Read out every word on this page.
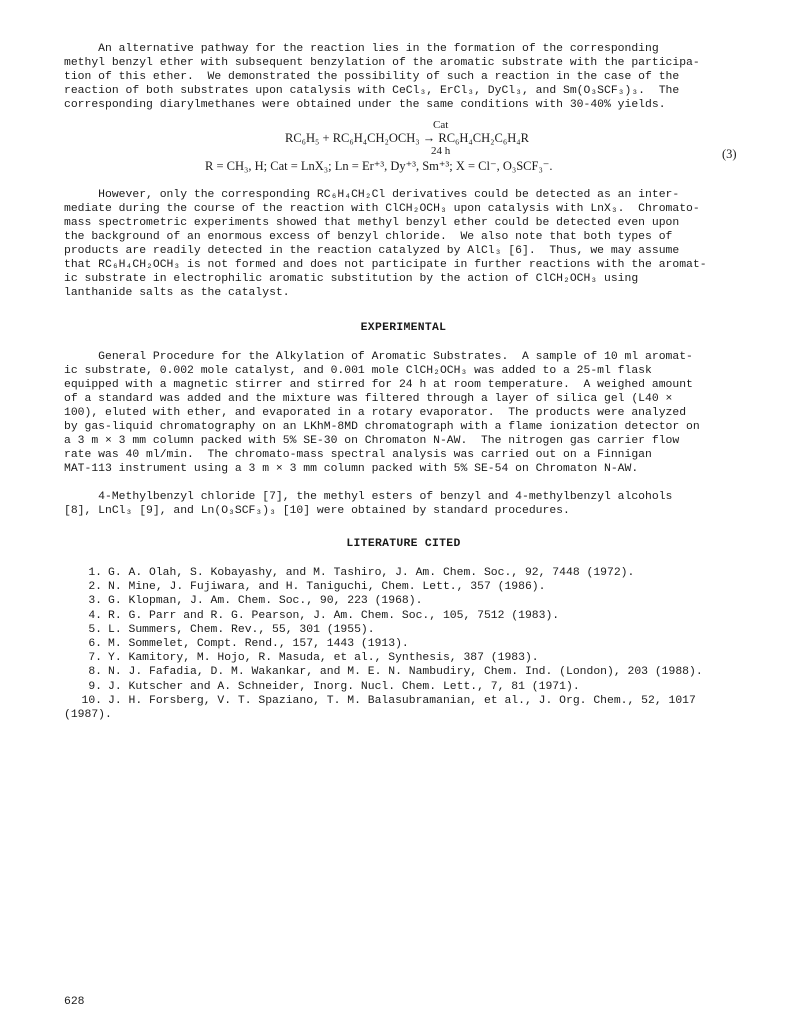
An alternative pathway for the reaction lies in the formation of the corresponding
methyl benzyl ether with subsequent benzylation of the aromatic substrate with the participa-
tion of this ether.  We demonstrated the possibility of such a reaction in the case of the
reaction of both substrates upon catalysis with CeCl₃, ErCl₃, DyCl₃, and Sm(O₃SCF₃)₃.  The
corresponding diarylmethanes were obtained under the same conditions with 30-40% yields.
Cat
RC₆H₅ + RC₆H₄CH₂OCH₃ → RC₆H₄CH₂C₆H₄R
24 h
R = CH₃, H; Cat = LnX₃; Ln = Er⁺³, Dy⁺³, Sm⁺³; X = Cl⁻, O₃SCF₃⁻.
(3)
However, only the corresponding RC₆H₄CH₂Cl derivatives could be detected as an inter-
mediate during the course of the reaction with ClCH₂OCH₃ upon catalysis with LnX₃.  Chromato-
mass spectrometric experiments showed that methyl benzyl ether could be detected even upon
the background of an enormous excess of benzyl chloride.  We also note that both types of
products are readily detected in the reaction catalyzed by AlCl₃ [6].  Thus, we may assume
that RC₆H₄CH₂OCH₃ is not formed and does not participate in further reactions with the aromat-
ic substrate in electrophilic aromatic substitution by the action of ClCH₂OCH₃ using
lanthanide salts as the catalyst.
EXPERIMENTAL
General Procedure for the Alkylation of Aromatic Substrates.  A sample of 10 ml aromat-
ic substrate, 0.002 mole catalyst, and 0.001 mole ClCH₂OCH₃ was added to a 25-ml flask
equipped with a magnetic stirrer and stirred for 24 h at room temperature.  A weighed amount
of a standard was added and the mixture was filtered through a layer of silica gel (L40 ×
100), eluted with ether, and evaporated in a rotary evaporator.  The products were analyzed
by gas-liquid chromatography on an LKhM-8MD chromatograph with a flame ionization detector on
a 3 m × 3 mm column packed with 5% SE-30 on Chromaton N-AW.  The nitrogen gas carrier flow
rate was 40 ml/min.  The chromato-mass spectral analysis was carried out on a Finnigan
MAT-113 instrument using a 3 m × 3 mm column packed with 5% SE-54 on Chromaton N-AW.
4-Methylbenzyl chloride [7], the methyl esters of benzyl and 4-methylbenzyl alcohols
[8], LnCl₃ [9], and Ln(O₃SCF₃)₃ [10] were obtained by standard procedures.
LITERATURE CITED
1. G. A. Olah, S. Kobayashy, and M. Tashiro, J. Am. Chem. Soc., 92, 7448 (1972).
2. N. Mine, J. Fujiwara, and H. Taniguchi, Chem. Lett., 357 (1986).
3. G. Klopman, J. Am. Chem. Soc., 90, 223 (1968).
4. R. G. Parr and R. G. Pearson, J. Am. Chem. Soc., 105, 7512 (1983).
5. L. Summers, Chem. Rev., 55, 301 (1955).
6. M. Sommelet, Compt. Rend., 157, 1443 (1913).
7. Y. Kamitory, M. Hojo, R. Masuda, et al., Synthesis, 387 (1983).
8. N. J. Fafadia, D. M. Wakankar, and M. E. N. Nambudiry, Chem. Ind. (London), 203 (1988).
9. J. Kutscher and A. Schneider, Inorg. Nucl. Chem. Lett., 7, 81 (1971).
10. J. H. Forsberg, V. T. Spaziano, T. M. Balasubramanian, et al., J. Org. Chem., 52, 1017
(1987).
628
